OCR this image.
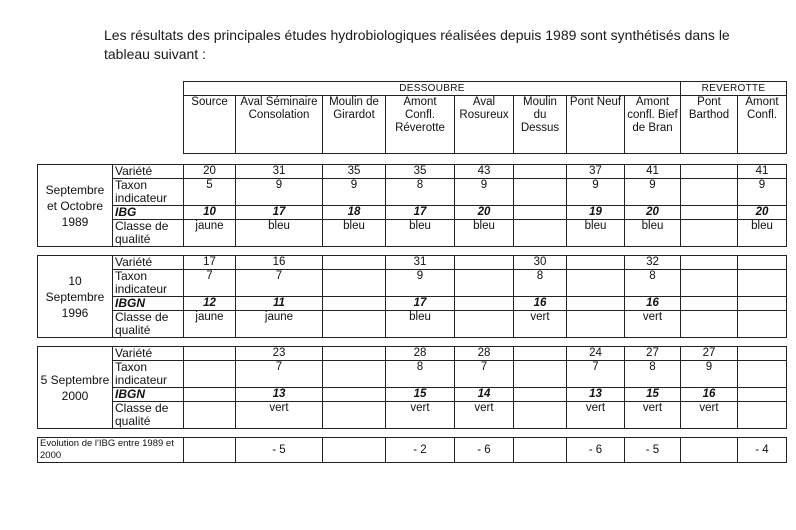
Les résultats des principales études hydrobiologiques réalisées depuis 1989 sont synthétisés dans le tableau suivant :
		DESSOUBRE								REVEROTTE	
		Source	Aval Séminaire Consolation	Moulin de Girardot	Amont Confl. Réverotte	Aval Rosureux	Moulin du Dessus	Pont Neuf	Amont confl. Bief de Bran	Pont Barthod	Amont Confl.

Septembre et Octobre 1989	Variété	20	31	35	35	43		37	41		41
	Taxon indicateur	5	9	9	8	9		9	9		9
	IBG	10	17	18	17	20		19	20		20
	Classe de qualité	jaune	bleu	bleu	bleu	bleu		bleu	bleu		bleu

10 Septembre 1996	Variété	17	16		31		30		32		
	Taxon indicateur	7	7		9		8		8		
	IBGN	12	11		17		16		16		
	Classe de qualité	jaune	jaune		bleu		vert		vert		

5 Septembre 2000	Variété		23		28	28		24	27	27	
	Taxon indicateur		7		8	7		7	8	9	
	IBGN		13		15	14		13	15	16	
	Classe de qualité		vert		vert	vert		vert	vert	vert	

Evolution de l'IBG entre 1989 et 2000			- 5		- 2	- 6		- 6	- 5		- 4
